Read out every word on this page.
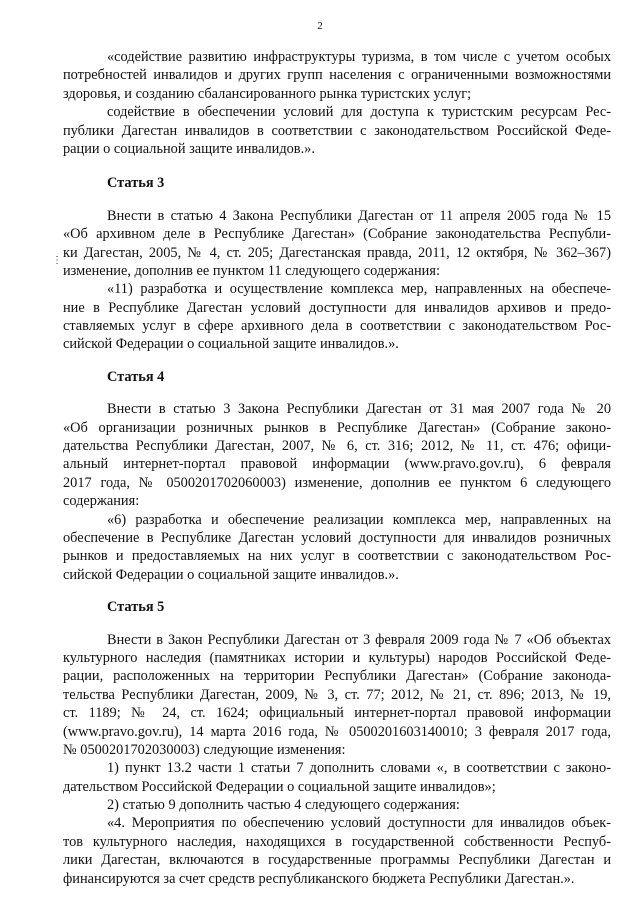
2
⋮
«содействие развитию инфраструктуры туризма, в том числе с учетом особых
потребностей инвалидов и других групп населения с ограниченными возможностями
здоровья, и созданию сбалансированного рынка туристских услуг;
содействие в обеспечении условий для доступа к туристским ресурсам Рес-
публики Дагестан инвалидов в соответствии с законодательством Российской Феде-
рации о социальной защите инвалидов.».
Статья 3
Внести в статью 4 Закона Республики Дагестан от 11 апреля 2005 года № 15
«Об архивном деле в Республике Дагестан» (Собрание законодательства Республи-
ки Дагестан, 2005, № 4, ст. 205; Дагестанская правда, 2011, 12 октября, № 362–367)
изменение, дополнив ее пунктом 11 следующего содержания:
«11) разработка и осуществление комплекса мер, направленных на обеспече-
ние в Республике Дагестан условий доступности для инвалидов архивов и предо-
ставляемых услуг в сфере архивного дела в соответствии с законодательством Рос-
сийской Федерации о социальной защите инвалидов.».
Статья 4
Внести в статью 3 Закона Республики Дагестан от 31 мая 2007 года № 20
«Об организации розничных рынков в Республике Дагестан» (Собрание законо-
дательства Республики Дагестан, 2007, № 6, ст. 316; 2012, № 11, ст. 476; офици-
альный интернет-портал правовой информации (www.pravo.gov.ru), 6 февраля
2017 года, № 0500201702060003) изменение, дополнив ее пунктом 6 следующего
содержания:
«6) разработка и обеспечение реализации комплекса мер, направленных на
обеспечение в Республике Дагестан условий доступности для инвалидов розничных
рынков и предоставляемых на них услуг в соответствии с законодательством Рос-
сийской Федерации о социальной защите инвалидов.».
Статья 5
Внести в Закон Республики Дагестан от 3 февраля 2009 года № 7 «Об объектах
культурного наследия (памятниках истории и культуры) народов Российской Феде-
рации, расположенных на территории Республики Дагестан» (Собрание законода-
тельства Республики Дагестан, 2009, № 3, ст. 77; 2012, № 21, ст. 896; 2013, № 19,
ст. 1189; № 24, ст. 1624; официальный интернет-портал правовой информации
(www.pravo.gov.ru), 14 марта 2016 года, № 0500201603140010; 3 февраля 2017 года,
№ 0500201702030003) следующие изменения:
1) пункт 13.2 части 1 статьи 7 дополнить словами «, в соответствии с законо-
дательством Российской Федерации о социальной защите инвалидов»;
2) статью 9 дополнить частью 4 следующего содержания:
«4. Мероприятия по обеспечению условий доступности для инвалидов объек-
тов культурного наследия, находящихся в государственной собственности Респуб-
лики Дагестан, включаются в государственные программы Республики Дагестан и
финансируются за счет средств республиканского бюджета Республики Дагестан.».
